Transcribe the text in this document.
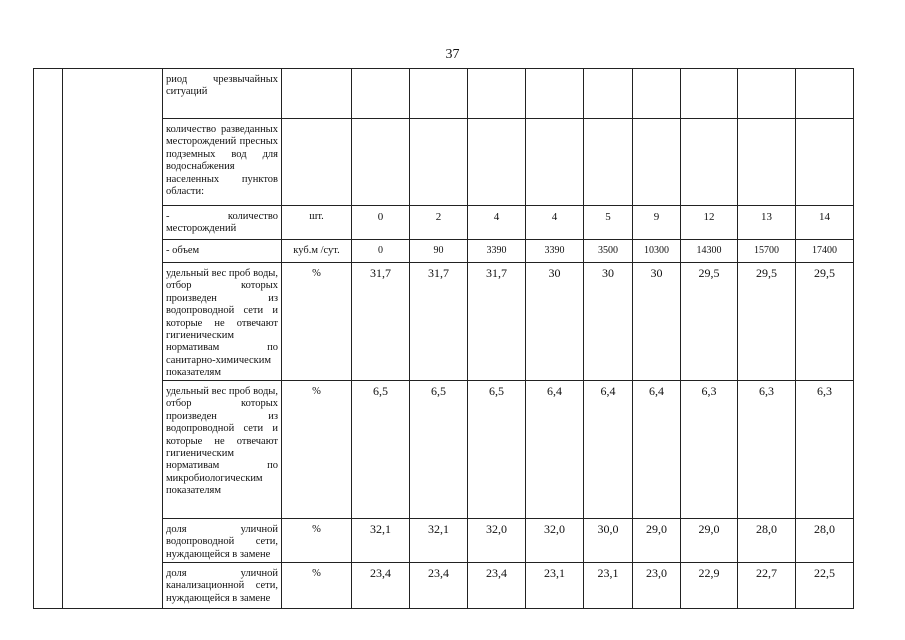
37
		риод чрезвычайных ситуаций										
		количество разведанных месторождений пресных подземных вод для водоснабжения населенных пунктов области:										
		- количество месторождений	шт.	0	2	4	4	5	9	12	13	14
		- объем	куб.м /сут.	0	90	3390	3390	3500	10300	14300	15700	17400
		удельный вес проб воды, отбор которых произведен из водопроводной сети и которые не отвечают гигиеническим нормативам по санитарно-химическим показателям	%	31,7	31,7	31,7	30	30	30	29,5	29,5	29,5
		удельный вес проб воды, отбор которых произведен из водопроводной сети и которые не отвечают гигиеническим нормативам по микробиологическим показателям	%	6,5	6,5	6,5	6,4	6,4	6,4	6,3	6,3	6,3
		доля уличной водопроводной сети, нуждающейся в замене	%	32,1	32,1	32,0	32,0	30,0	29,0	29,0	28,0	28,0
		доля уличной канализационной сети, нуждающейся в замене	%	23,4	23,4	23,4	23,1	23,1	23,0	22,9	22,7	22,5
